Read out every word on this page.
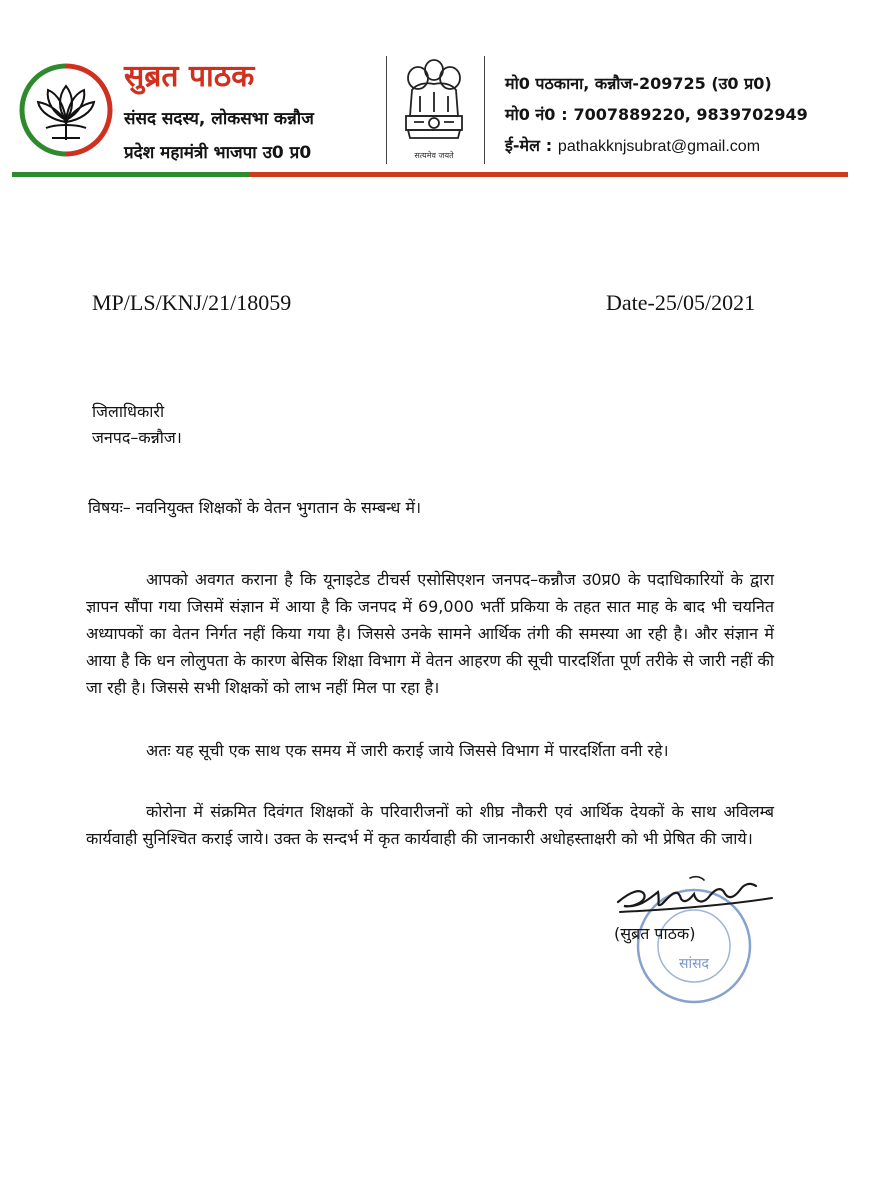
सुब्रत पाठक
संसद सदस्य, लोकसभा कन्नौज
प्रदेश महामंत्री भाजपा उ0 प्र0	सत्यमेव जयते
मो0 पठकाना, कन्नौज-209725 (उ0 प्र0)
मो0 नं0 : 7007889220, 9839702949
ई-मेल : pathakknjsubrat@gmail.com
MP/LS/KNJ/21/18059	Date-25/05/2021
जिलाधिकारी
जनपद–कन्नौज।
विषयः– नवनियुक्त शिक्षकों के वेतन भुगतान के सम्बन्ध में।
आपको अवगत कराना है कि यूनाइटेड टीचर्स एसोसिएशन जनपद–कन्नौज उ0प्र0 के पदाधिकारियों के द्वारा ज्ञापन सौंपा गया जिसमें संज्ञान में आया है कि जनपद में 69,000 भर्ती प्रकिया के तहत सात माह के बाद भी चयनित अध्यापकों का वेतन निर्गत नहीं किया गया है। जिससे उनके सामने आर्थिक तंगी की समस्या आ रही है। और संज्ञान में आया है कि धन लोलुपता के कारण बेसिक शिक्षा विभाग में वेतन आहरण की सूची पारदर्शिता पूर्ण तरीके से जारी नहीं की जा रही है। जिससे सभी शिक्षकों को लाभ नहीं मिल पा रहा है।
अतः यह सूची एक साथ एक समय में जारी कराई जाये जिससे विभाग में पारदर्शिता वनी रहे।
कोरोना में संक्रमित दिवंगत शिक्षकों के परिवारीजनों को शीघ्र नौकरी एवं आर्थिक देयकों के साथ अविलम्ब कार्यवाही सुनिश्चित कराई जाये। उक्त के सन्दर्भ में कृत कार्यवाही की जानकारी अधोहस्ताक्षरी को भी प्रेषित की जाये।
सांसद
(सुब्रत पाठक)
